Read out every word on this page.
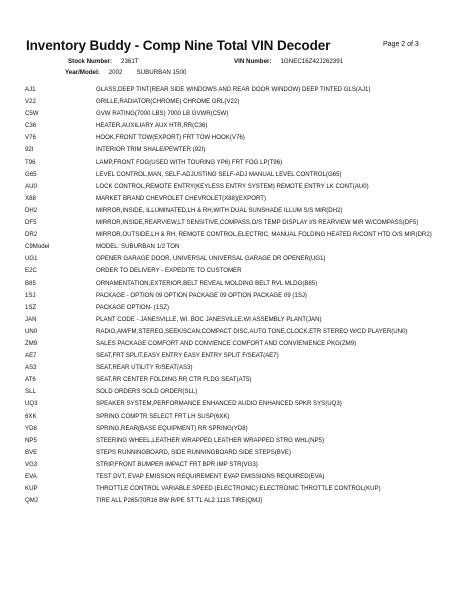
Inventory Buddy - Comp Nine Total VIN Decoder	Page 2 of 3
Stock Number: 2361T	VIN Number: 1GNEC16Z42J262391
Year/Model: 2002 SUBURBAN 1500
AJ1	GLASS,DEEP TINT(REAR SIDE WINDOWS AND REAR DOOR WINDOW) DEEP TINTED GLS(AJ1)
V22	GRILLE,RADIATOR(CHROME) CHROME GRL(V22)
C5W	GVW RATING(7000 LBS) 7000 LB GVWR(C5W)
C36	HEATER,AUXILIARY AUX HTR,RR(C36)
V76	HOOK,FRONT TOW(EXPORT) FRT TOW HOOK(V76)
92I	INTERIOR TRIM SHALE/PEWTER (92I)
T96	LAMP,FRONT FOG(USED WITH TOURING YP6) FRT FOG LP(T96)
G65	LEVEL CONTROL,MAN, SELF-ADJUSTING SELF-ADJ MANUAL LEVEL CONTROL(G65)
AU0	LOCK CONTROL,REMOTE ENTRY(KEYLESS ENTRY SYSTEM) REMOTE ENTRY LK CONT(AU0)
X88	MARKET BRAND CHEVROLET CHEVROLET(X88)(EXPORT)
DH2	MIRROR,INSIDE, ILLUMINATED,LH & RH,WITH DUAL SUNSHADE ILLUM S/S MIR(DH2)
DF5	MIRROR,INSIDE,REARVIEW,LT SENSITIVE,COMPASS,O/S TEMP DISPLAY I/S REARVIEW MIR W/COMPASS(DF5)
DR2	MIRROR,OUTSIDE,LH & RH, REMOTE CONTROL,ELECTRIC, MANUAL FOLDING HEATED R/CONT HTD O/S MIR(DR2)
C9Model	MODEL: SUBURBAN 1/2 TON
UG1	OPENER GARAGE DOOR, UNIVERSAL UNIVERSAL GARAGE DR OPENER(UG1)
E2C	ORDER TO DELIVERY - EXPEDITE TO CUSTOMER
B85	ORNAMENTATION,EXTERIOR,BELT REVEAL MOLDING BELT RVL MLDG(B85)
1SJ	PACKAGE - OPTION 09 OPTION PACKAGE 09 OPTION PACKAGE 09 (1SJ)
1SZ	PACKAGE OPTION- (1SZ)
JAN	PLANT CODE - JANESVILLE, WI. BOC JANESVILLE,WI ASSEMBLY PLANT(JAN)
UN0	RADIO,AM/FM,STEREO,SEEK/SCAN,COMPACT DISC,AUTO TONE,CLOCK,ETR STEREO W/CD PLAYER(UN0)
ZM9	SALES PACKAGE COMFORT AND CONVIENCE COMFORT AND CONVIENIENCE PKG(ZM9)
AE7	SEAT,FRT SPLIT,EASY ENTRY EASY ENTRY SPLIT F/SEAT(AE7)
AS3	SEAT,REAR UTILITY R/SEAT(AS3)
AT6	SEAT,RR CENTER FOLDING RR CTR FLDG SEAT(AT5)
SLL	SOLD ORDERS SOLD ORDER(SLL)
UQ3	SPEAKER SYSTEM,PERFORMANCE ENHANCED AUDIO ENHANCED SPKR SYS(UQ3)
6XK	SPRING COMPTR SELECT FRT LH SUSP(6XK)
YD8	SPRING,REAR(BASE EQUIPMENT) RR SPRING(YD8)
NP5	STEERING WHEEL,LEATHER WRAPPED LEATHER WRAPPED STRG WHL(NP5)
BVE	STEPS RUNNINGBOARD, SIDE RUNNINGBOARD SIDE STEPS(BVE)
VG3	STRIP,FRONT BUMPER IMPACT FRT BPR IMP STR(VG3)
EVA	TEST DVT, EVAP EMISSION REQUIREMENT EVAP EMISSIONS REQUIRED(EVA)
KUP	THROTTLE CONTROL VARIABLE SPEED (ELECTRONIC) ELECTRONIC THROTTLE CONTROL(KUP)
QMJ	TIRE ALL P265/70R16 BW R/PE ST TL AL2 111S TIRE(QMJ)
